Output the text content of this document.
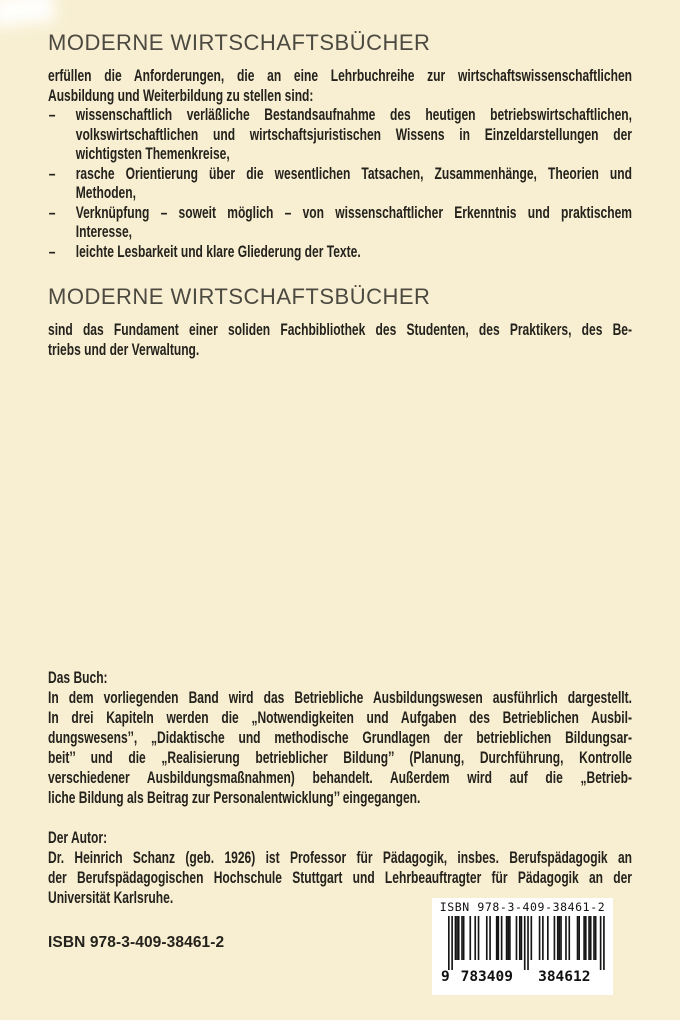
MODERNE WIRTSCHAFTSBÜCHER
erfüllen die Anforderungen, die an eine Lehrbuchreihe zur wirtschaftswissenschaftlichen
Ausbildung und Weiterbildung zu stellen sind:
– wissenschaftlich verläßliche Bestandsaufnahme des heutigen betriebswirtschaftlichen,
volkswirtschaftlichen und wirtschaftsjuristischen Wissens in Einzeldarstellungen der
wichtigsten Themenkreise,
– rasche Orientierung über die wesentlichen Tatsachen, Zusammenhänge, Theorien und
Methoden,
– Verknüpfung – soweit möglich – von wissenschaftlicher Erkenntnis und praktischem
Interesse,
– leichte Lesbarkeit und klare Gliederung der Texte.
MODERNE WIRTSCHAFTSBÜCHER
sind das Fundament einer soliden Fachbibliothek des Studenten, des Praktikers, des Be-
triebs und der Verwaltung.
Das Buch:
In dem vorliegenden Band wird das Betriebliche Ausbildungswesen ausführlich dargestellt.
In drei Kapiteln werden die „Notwendigkeiten und Aufgaben des Betrieblichen Ausbil-
dungswesens’’, „Didaktische und methodische Grundlagen der betrieblichen Bildungsar-
beit’’ und die „Realisierung betrieblicher Bildung’’ (Planung, Durchführung, Kontrolle
verschiedener Ausbildungsmaßnahmen) behandelt. Außerdem wird auf die „Betrieb-
liche Bildung als Beitrag zur Personalentwicklung’’ eingegangen.
Der Autor:
Dr. Heinrich Schanz (geb. 1926) ist Professor für Pädagogik, insbes. Berufspädagogik an
der Berufspädagogischen Hochschule Stuttgart und Lehrbeauftragter für Pädagogik an der
Universität Karlsruhe.
ISBN 978-3-409-38461-2
ISBN 978-3-409-38461-2
9 783409 384612
